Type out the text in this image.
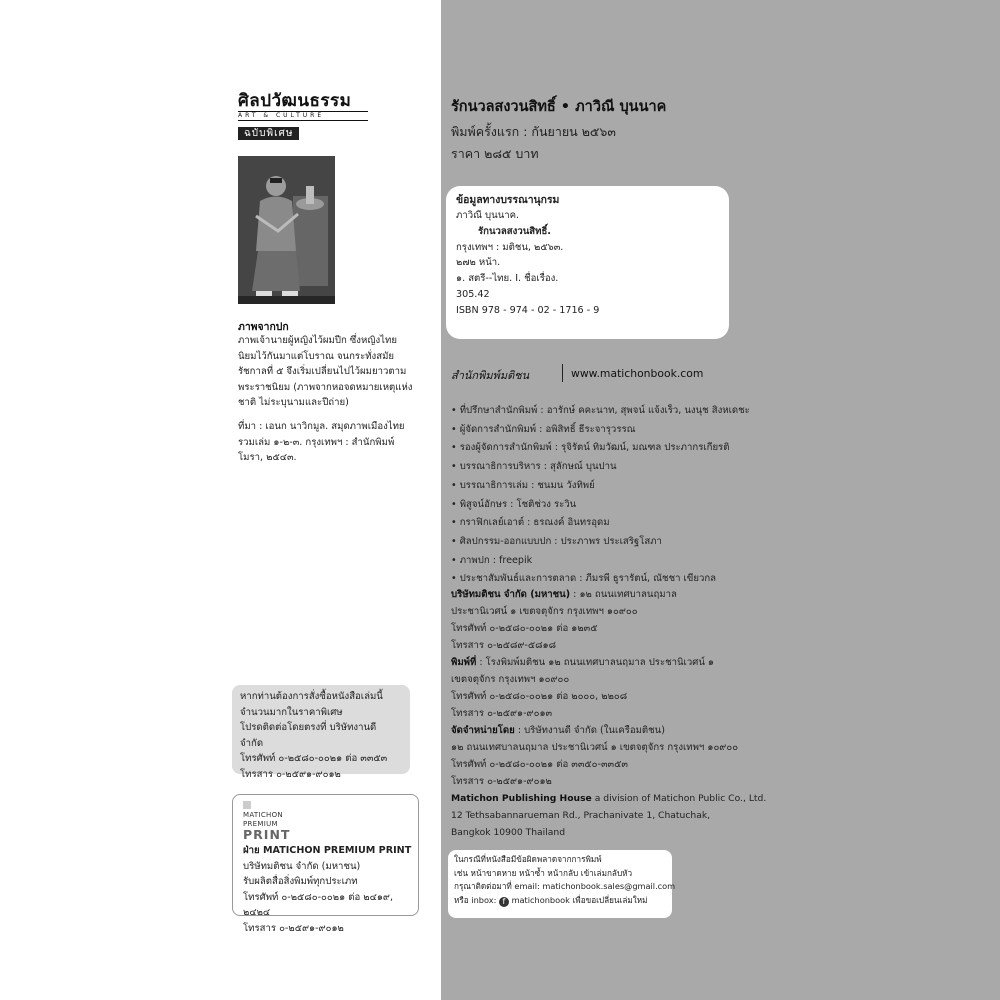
ศิลปวัฒนธรรม
ART & CULTURE
ฉบับพิเศษ
ภาพจากปก
ภาพเจ้านายผู้หญิงไว้ผมปีก ซึ่งหญิงไทย
นิยมไว้กันมาแต่โบราณ จนกระทั่งสมัย
รัชกาลที่ ๕ จึงเริ่มเปลี่ยนไปไว้ผมยาวตาม
พระราชนิยม (ภาพจากหอจดหมายเหตุแห่ง
ชาติ ไม่ระบุนามและปีถ่าย)
ที่มา : เอนก นาวิกมูล. สมุดภาพเมืองไทย
รวมเล่ม ๑-๒-๓. กรุงเทพฯ : สำนักพิมพ์
โมรา, ๒๕๔๓.
หากท่านต้องการสั่งซื้อหนังสือเล่มนี้
จำนวนมากในราคาพิเศษ
โปรดติดต่อโดยตรงที่ บริษัทงานดี จำกัด
โทรศัพท์ ๐-๒๕๘๐-๐๐๒๑ ต่อ ๓๓๕๓
โทรสาร ๐-๒๕๙๑-๙๐๑๒
MATICHON
PREMIUM
PRINT
ฝ่าย MATICHON PREMIUM PRINT
บริษัทมติชน จำกัด (มหาชน)
รับผลิตสื่อสิ่งพิมพ์ทุกประเภท
โทรศัพท์ ๐-๒๕๘๐-๐๐๒๑ ต่อ ๒๔๑๙, ๒๔๒๔
โทรสาร ๐-๒๕๙๑-๙๐๑๒
รักนวลสงวนสิทธิ์ • ภาวิณี บุนนาค
พิมพ์ครั้งแรก : กันยายน ๒๕๖๓
ราคา ๒๘๕ บาท
ข้อมูลทางบรรณานุกรม
ภาวิณี บุนนาค.
รักนวลสงวนสิทธิ์.
กรุงเทพฯ : มติชน, ๒๕๖๓.
๒๗๒ หน้า.
๑. สตรี--ไทย. I. ชื่อเรื่อง.
305.42
ISBN 978 - 974 - 02 - 1716 - 9
สำนักพิมพ์มติชน	www.matichonbook.com
• ที่ปรึกษาสำนักพิมพ์ : อารักษ์ คคะนาท, สุพจน์ แจ้งเร็ว, นงนุช สิงหเดชะ
• ผู้จัดการสำนักพิมพ์ : อพิสิทธิ์ ธีระจารุวรรณ
• รองผู้จัดการสำนักพิมพ์ : รุจิรัตน์ ทิมวัฒน์, มณฑล ประภากรเกียรติ
• บรรณาธิการบริหาร : สุลักษณ์ บุนปาน
• บรรณาธิการเล่ม : ชนมน วังทิพย์
• พิสูจน์อักษร : โชติช่วง ระวิน
• กราฟิกเลย์เอาต์ : ธรณงค์ อินทรอุดม
• ศิลปกรรม-ออกแบบปก : ประภาพร ประเสริฐโสภา
• ภาพปก : freepik
• ประชาสัมพันธ์และการตลาด : ภีมรพี ธูรารัตน์, ณัชชา เขียวกล
บริษัทมติชน จำกัด (มหาชน) : ๑๒ ถนนเทศบาลนฤมาล
ประชานิเวศน์ ๑ เขตจตุจักร กรุงเทพฯ ๑๐๙๐๐
โทรศัพท์ ๐-๒๕๘๐-๐๐๒๑ ต่อ ๑๒๓๕
โทรสาร ๐-๒๕๘๙-๕๘๑๘
พิมพ์ที่ : โรงพิมพ์มติชน ๑๒ ถนนเทศบาลนฤมาล ประชานิเวศน์ ๑
เขตจตุจักร กรุงเทพฯ ๑๐๙๐๐
โทรศัพท์ ๐-๒๕๘๐-๐๐๒๑ ต่อ ๒๐๐๐, ๒๒๐๘
โทรสาร ๐-๒๕๙๑-๙๐๑๓
จัดจำหน่ายโดย : บริษัทงานดี จำกัด (ในเครือมติชน)
๑๒ ถนนเทศบาลนฤมาล ประชานิเวศน์ ๑ เขตจตุจักร กรุงเทพฯ ๑๐๙๐๐
โทรศัพท์ ๐-๒๕๘๐-๐๐๒๑ ต่อ ๓๓๕๐-๓๓๕๓
โทรสาร ๐-๒๕๙๑-๙๐๑๒
Matichon Publishing House a division of Matichon Public Co., Ltd.
12 Tethsabannarueman Rd., Prachanivate 1, Chatuchak,
Bangkok 10900 Thailand
ในกรณีที่หนังสือมีข้อผิดพลาดจากการพิมพ์
เช่น หน้าขาดหาย หน้าซ้ำ หน้ากลับ เข้าเล่มกลับหัว
กรุณาติดต่อมาที่ email: matichonbook.sales@gmail.com
หรือ inbox: f matichonbook เพื่อขอเปลี่ยนเล่มใหม่
